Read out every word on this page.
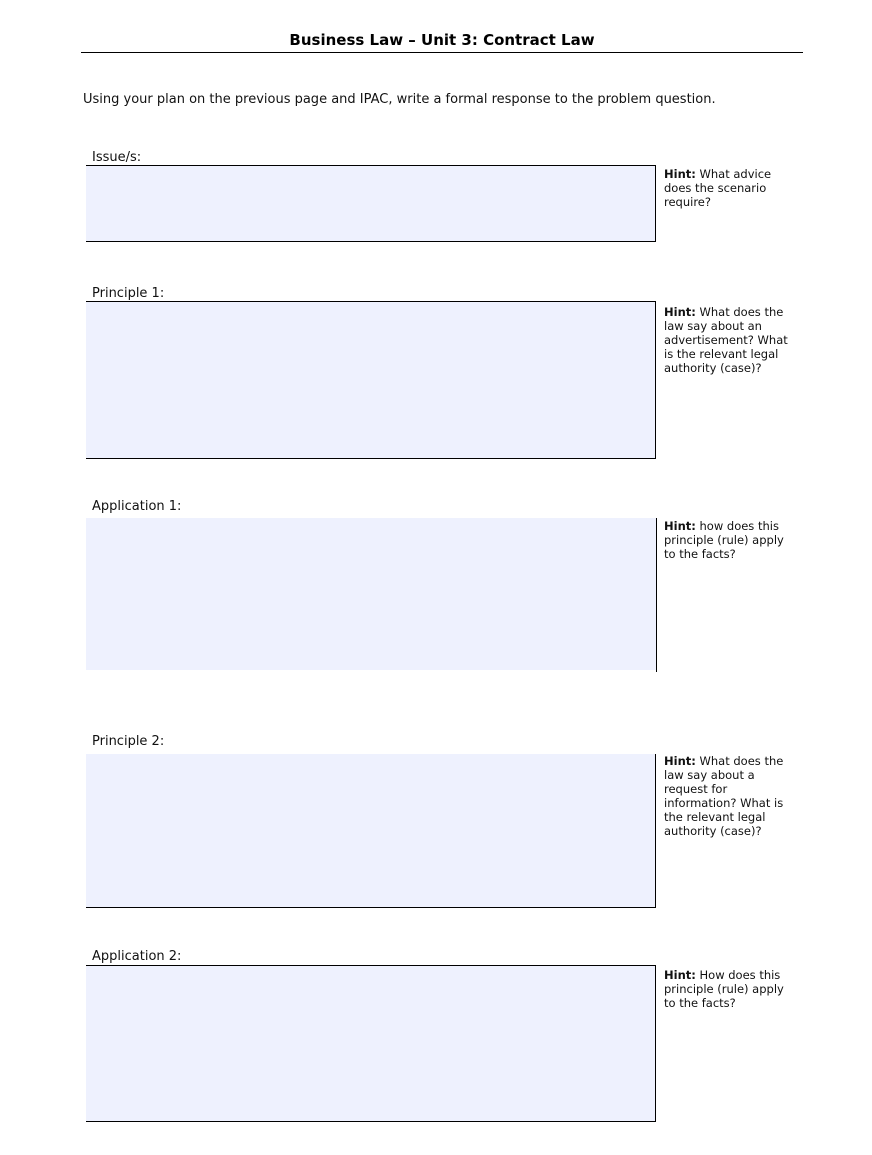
Business Law – Unit 3: Contract Law

Using your plan on the previous page and IPAC, write a formal response to the problem question.

Issue/s:
Hint: What advice does the scenario require?
Principle 1:
Hint: What does the law say about an advertisement? What is the relevant legal authority (case)?
Application 1:
Hint: how does this principle (rule) apply to the facts?
Principle 2:
Hint: What does the law say about a request for information? What is the relevant legal authority (case)?
Application 2:
Hint: How does this principle (rule) apply to the facts?
